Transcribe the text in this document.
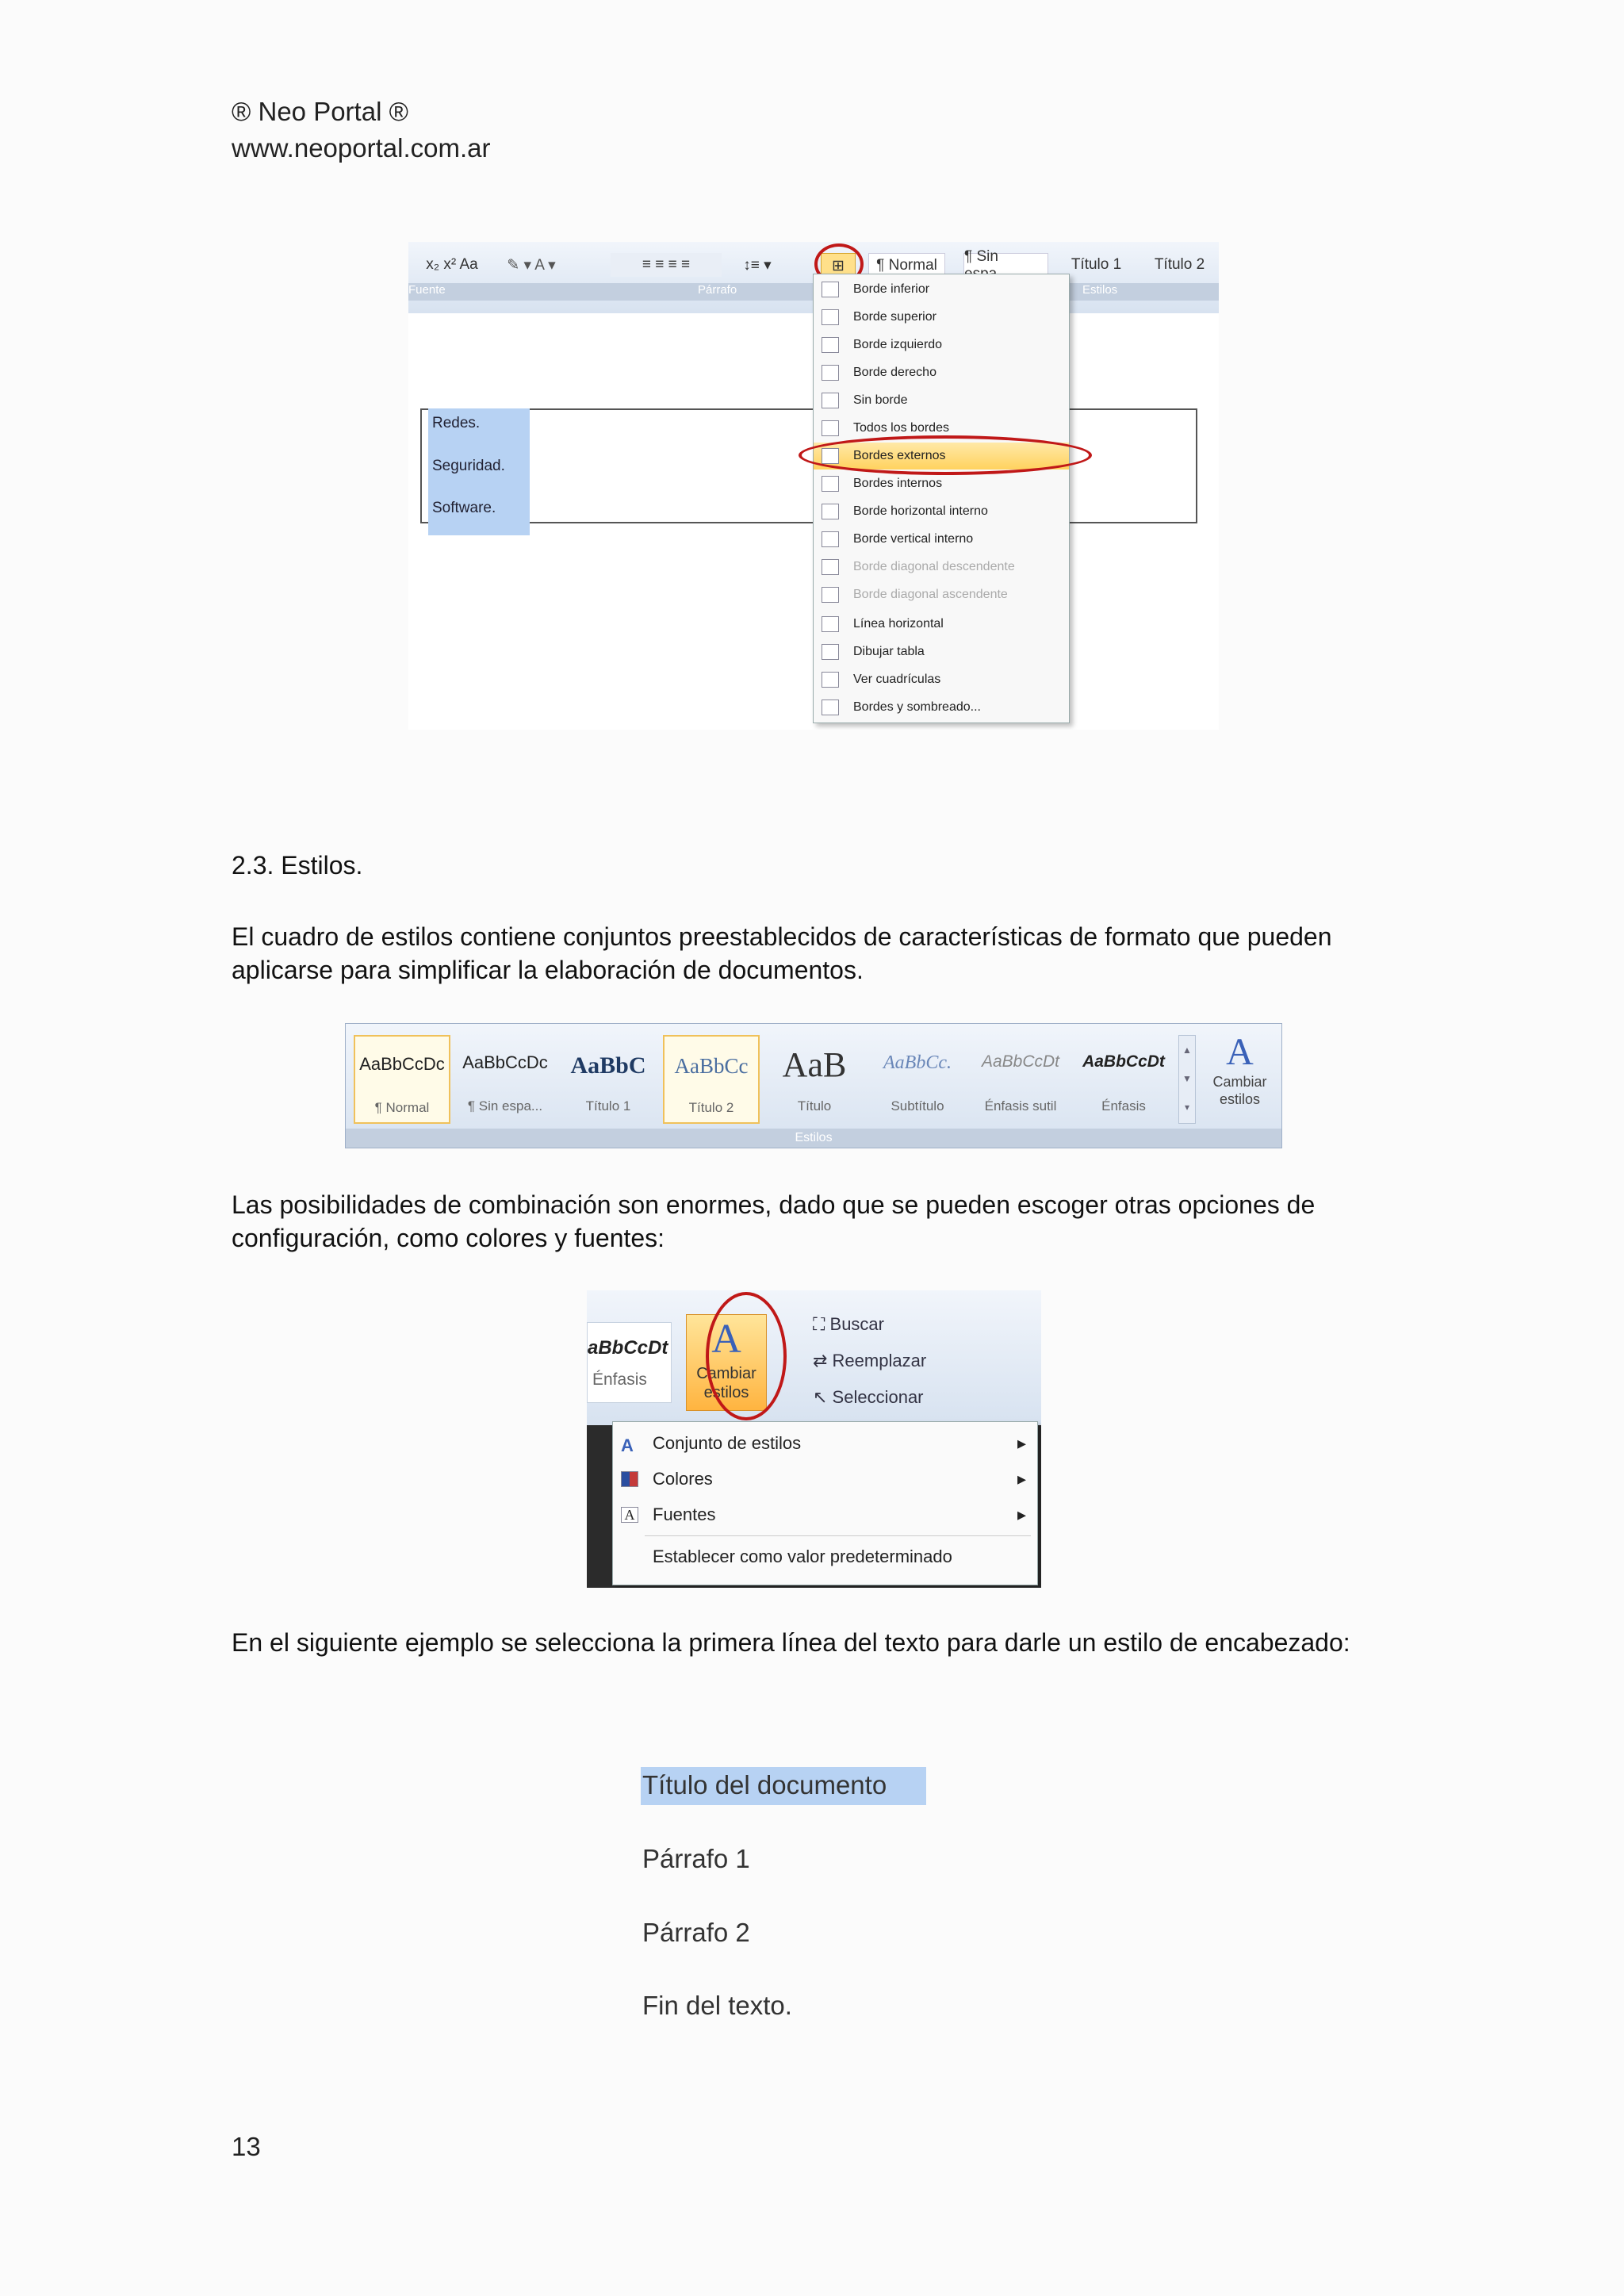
® Neo Portal ®
www.neoportal.com.ar
x₂ x² Aa	✎ ▾ A ▾	≡ ≡ ≡ ≡	↕≡ ▾	⊞	¶ Normal
¶ Sin	Título 1	Título 2
Fuente	Párrafo	Estilos
Redes.
Seguridad.
Software.
Borde inferior
Borde superior
Borde izquierdo
Borde derecho
Sin borde
Todos los bordes
Bordes externos
Bordes internos
Borde horizontal interno
Borde vertical interno
Borde diagonal descendente
Borde diagonal ascendente
Línea horizontal
Dibujar tabla
Ver cuadrículas
Bordes y sombreado...
2.3. Estilos.
El cuadro de estilos contiene conjuntos preestablecidos de características de formato que pueden aplicarse para simplificar la elaboración de documentos.
AaBbCcDc
¶ Normal
AaBbCcDc
¶ Sin espa...
AaBbC
Título 1
AaBbCc
Título 2
AaB
Título
AaBbCc.
Subtítulo
AaBbCcDt
Énfasis sutil
AaBbCcDt
Énfasis
▲
▼
▾
A
Cambiar estilos
Estilos
Las posibilidades de combinación son enormes, dado que se pueden escoger otras opciones de configuración, como colores y fuentes:
aBbCcDt
Énfasis
A
Cambiar estilos
⛶ Buscar
⇄ Reemplazar
↖ Seleccionar
A Conjunto de estilos	▸
Colores	▸
A Fuentes	▸
Establecer como valor predeterminado
En el siguiente ejemplo se selecciona la primera línea del texto para darle un estilo de encabezado:
Título del documento
Párrafo 1
Párrafo 2
Fin del texto.
13
